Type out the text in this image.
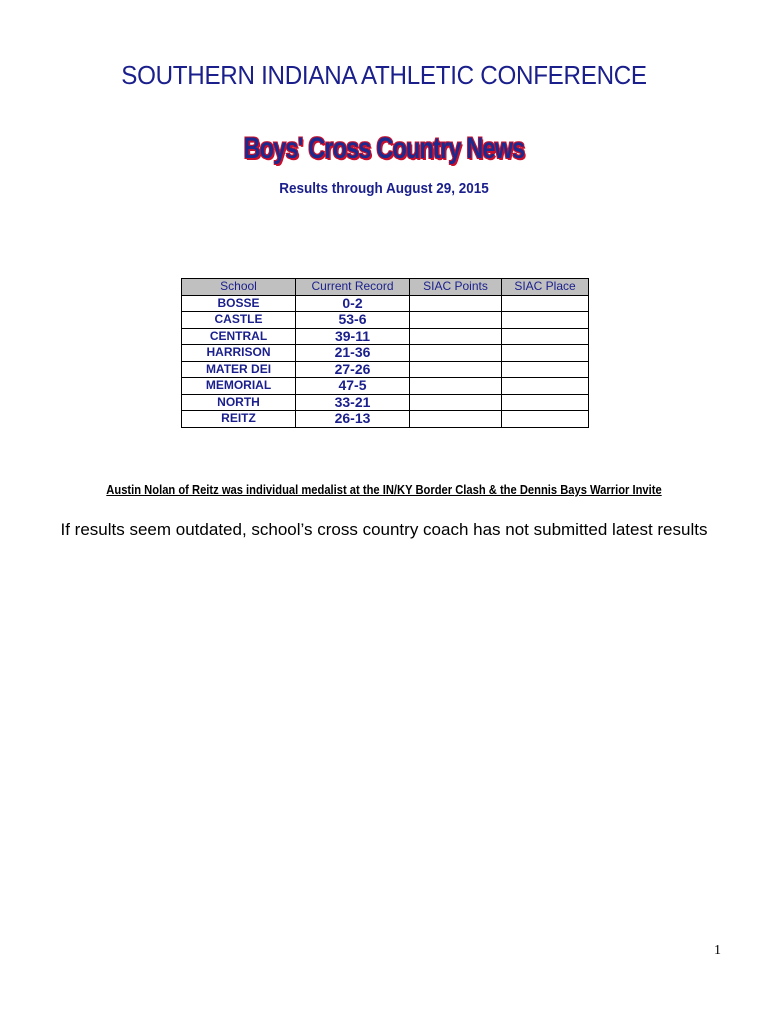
SOUTHERN INDIANA ATHLETIC CONFERENCE
Boys' Cross Country News
Results through August 29, 2015
School	Current Record	SIAC Points	SIAC Place
BOSSE	0-2		
CASTLE	53-6		
CENTRAL	39-11		
HARRISON	21-36		
MATER DEI	27-26		
MEMORIAL	47-5		
NORTH	33-21		
REITZ	26-13		
Austin Nolan of Reitz was individual medalist at the IN/KY Border Clash & the Dennis Bays Warrior Invite
If results seem outdated, school’s cross country coach has not submitted latest results
1
